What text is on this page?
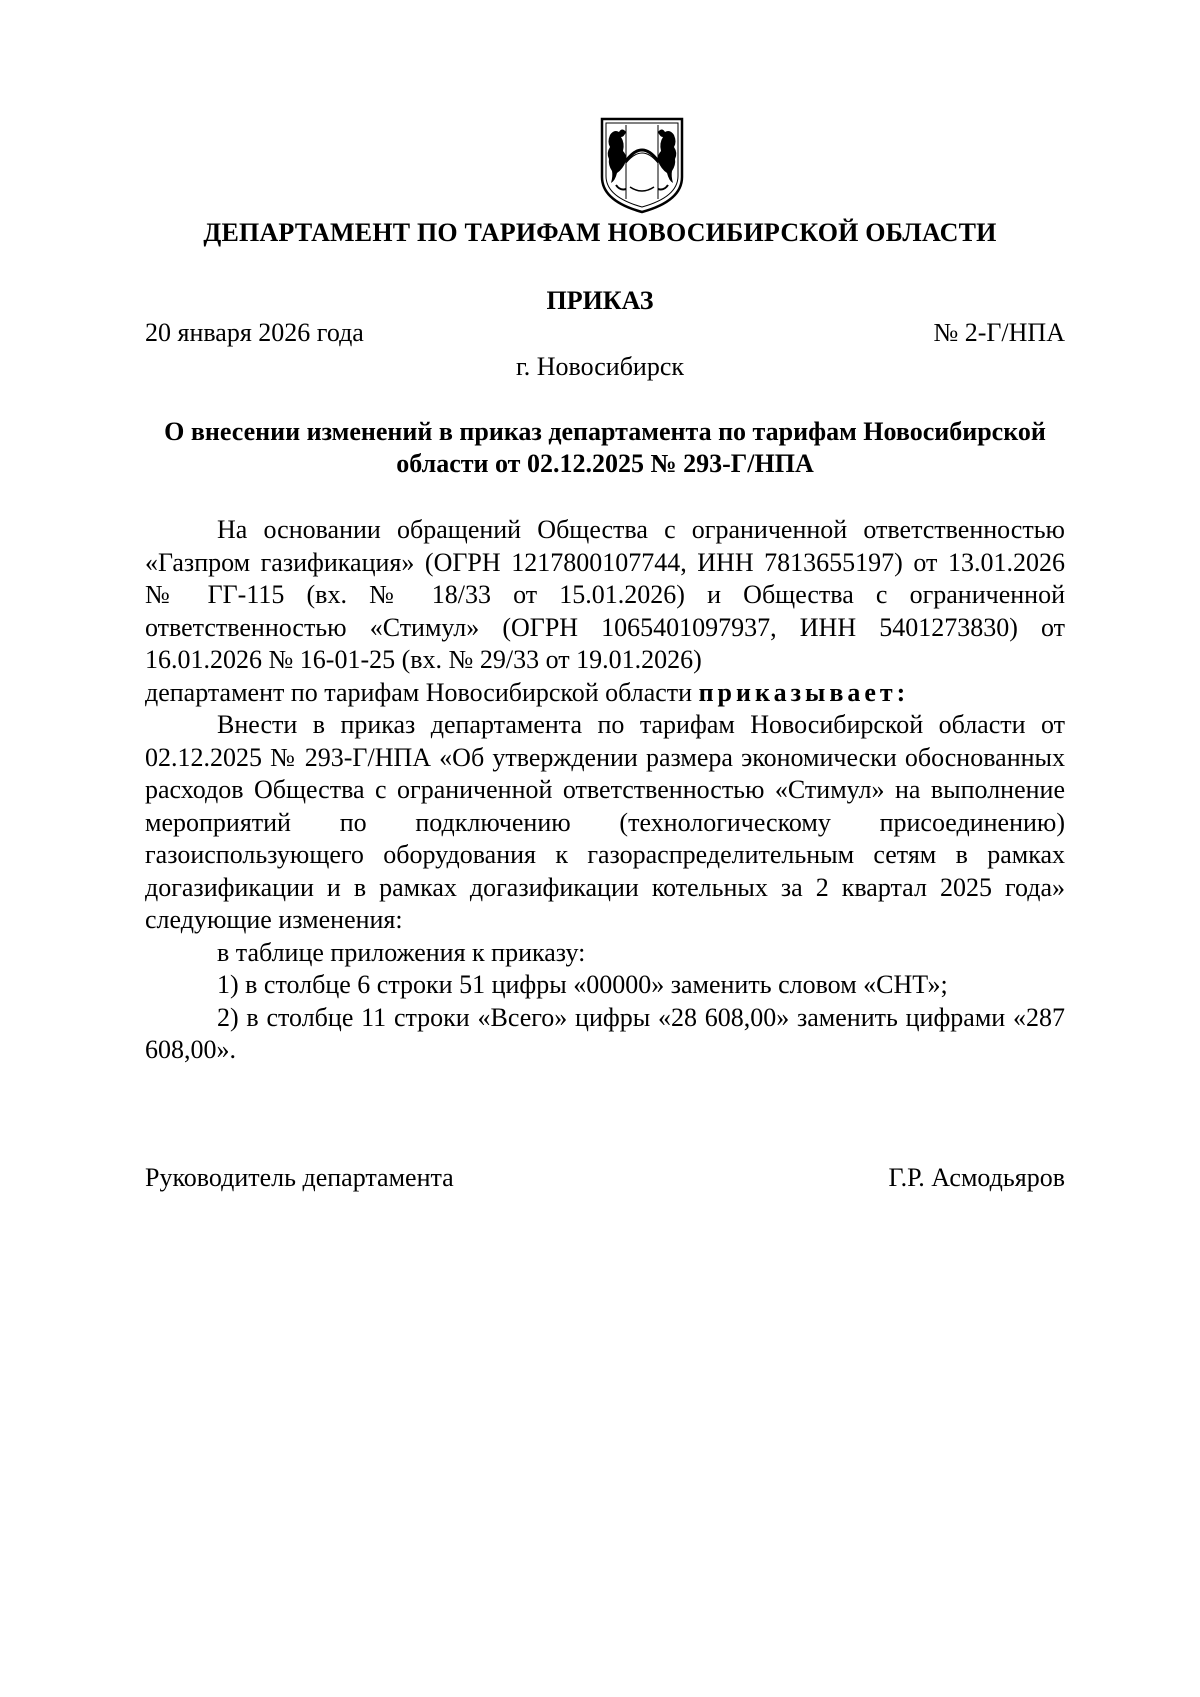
ДЕПАРТАМЕНТ ПО ТАРИФАМ НОВОСИБИРСКОЙ ОБЛАСТИ
ПРИКАЗ
20 января 2026 года	№ 2-Г/НПА
г. Новосибирск
О внесении изменений в приказ департамента по тарифам Новосибирской
области от 02.12.2025 № 293-Г/НПА

На основании обращений Общества с ограниченной ответственностью «Газпром газификация» (ОГРН 1217800107744, ИНН 7813655197) от 13.01.2026 № ГГ-115 (вх. № 18/33 от 15.01.2026) и Общества с ограниченной ответственностью «Стимул» (ОГРН 1065401097937, ИНН 5401273830) от 16.01.2026 № 16-01-25 (вх. № 29/33 от 19.01.2026)

департамент по тарифам Новосибирской области приказывает:

Внести в приказ департамента по тарифам Новосибирской области от 02.12.2025 № 293-Г/НПА «Об утверждении размера экономически обоснованных расходов Общества с ограниченной ответственностью «Стимул» на выполнение мероприятий по подключению (технологическому присоединению) газоиспользующего оборудования к газораспределительным сетям в рамках догазификации и в рамках догазификации котельных за 2 квартал 2025 года» следующие изменения:

в таблице приложения к приказу:

1) в столбце 6 строки 51 цифры «00000» заменить словом «СНТ»;

2) в столбце 11 строки «Всего» цифры «28 608,00» заменить цифрами «287 608,00».

Руководитель департамента	Г.Р. Асмодьяров
